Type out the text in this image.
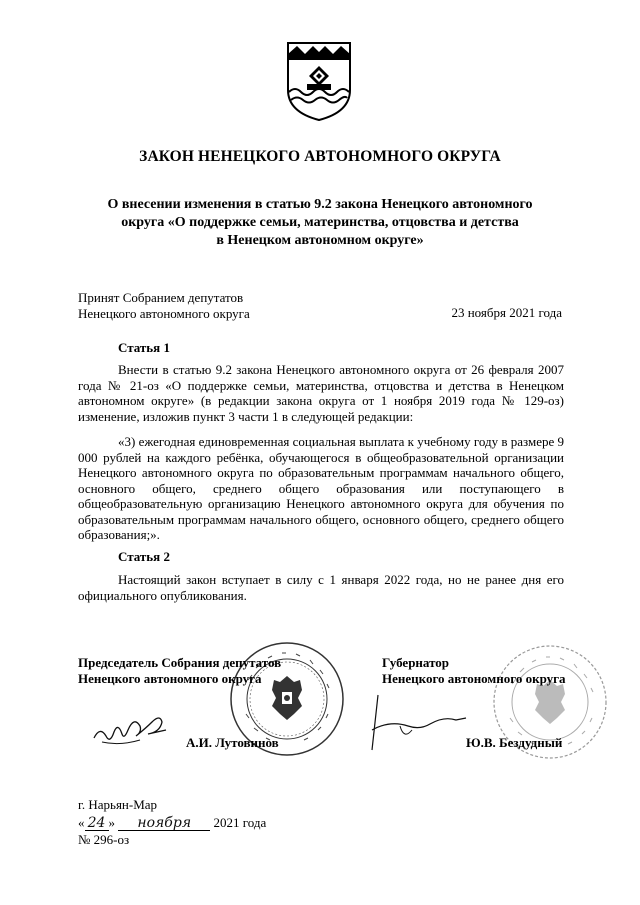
ЗАКОН НЕНЕЦКОГО АВТОНОМНОГО ОКРУГА
О внесении изменения в статью 9.2 закона Ненецкого автономного
округа «О поддержке семьи, материнства, отцовства и детства
в Ненецком автономном округе»
Принят Собранием депутатов
Ненецкого автономного округа	23 ноября 2021 года
Статья 1

Внести в статью 9.2 закона Ненецкого автономного округа от 26 февраля 2007 года № 21-оз «О поддержке семьи, материнства, отцовства и детства в Ненецком автономном округе» (в редакции закона округа от 1 ноября 2019 года № 129-оз) изменение, изложив пункт 3 части 1 в следующей редакции:

«3) ежегодная единовременная социальная выплата к учебному году в размере 9 000 рублей на каждого ребёнка, обучающегося в общеобразовательной организации Ненецкого автономного округа по образовательным программам начального общего, основного общего, среднего общего образования или поступающего в общеобразовательную организацию Ненецкого автономного округа для обучения по образовательным программам начального общего, основного общего, среднего общего образования;».

Статья 2

Настоящий закон вступает в силу с 1 января 2022 года, но не ранее дня его официального опубликования.

Председатель Собрания депутатов
Ненецкого автономного округа
Губернатор
Ненецкого автономного округа
А.И. Лутовинов	Ю.В. Бездудный
г. Нарьян-Мар
« 24 » ноября 2021 года
№ 296-оз
